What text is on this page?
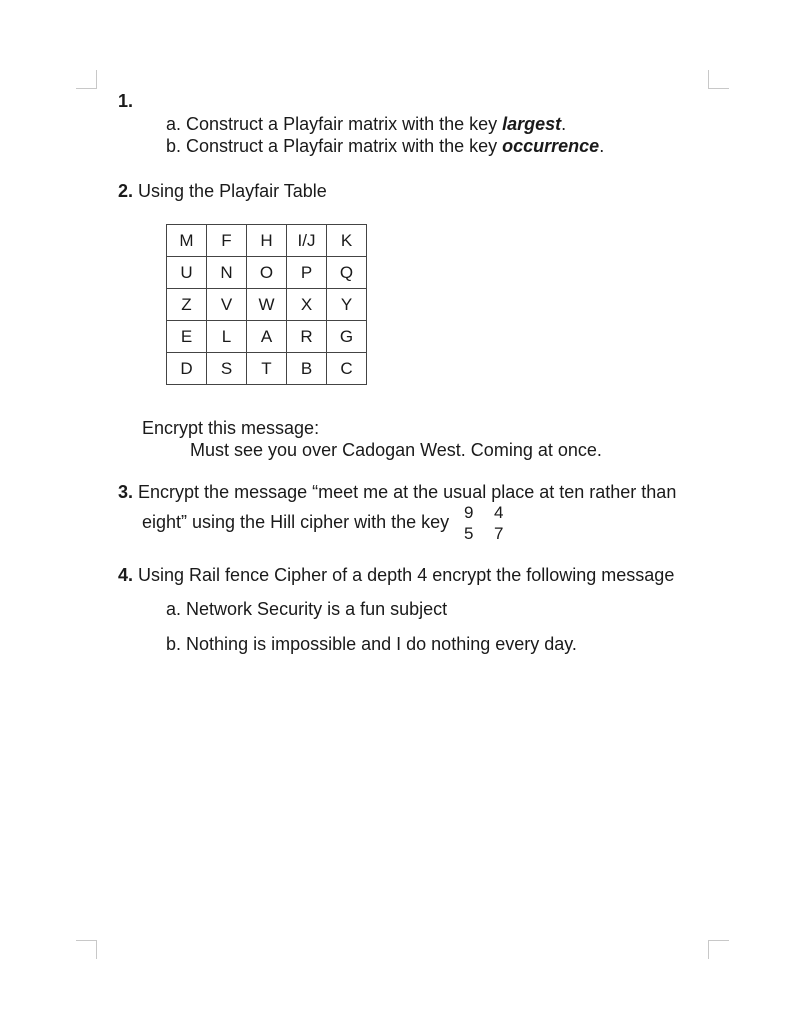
1.
a. Construct a Playfair matrix with the key largest.
b. Construct a Playfair matrix with the key occurrence.
2. Using the Playfair Table
M	F	H	I/J	K
U	N	O	P	Q
Z	V	W	X	Y
E	L	A	R	G
D	S	T	B	C
Encrypt this message:
Must see you over Cadogan West. Coming at once.
3. Encrypt the message “meet me at the usual place at ten rather than
eight” using the Hill cipher with the key 9 4
5 7
4. Using Rail fence Cipher of a depth 4 encrypt the following message
a. Network Security is a fun subject
b. Nothing is impossible and I do nothing every day.
